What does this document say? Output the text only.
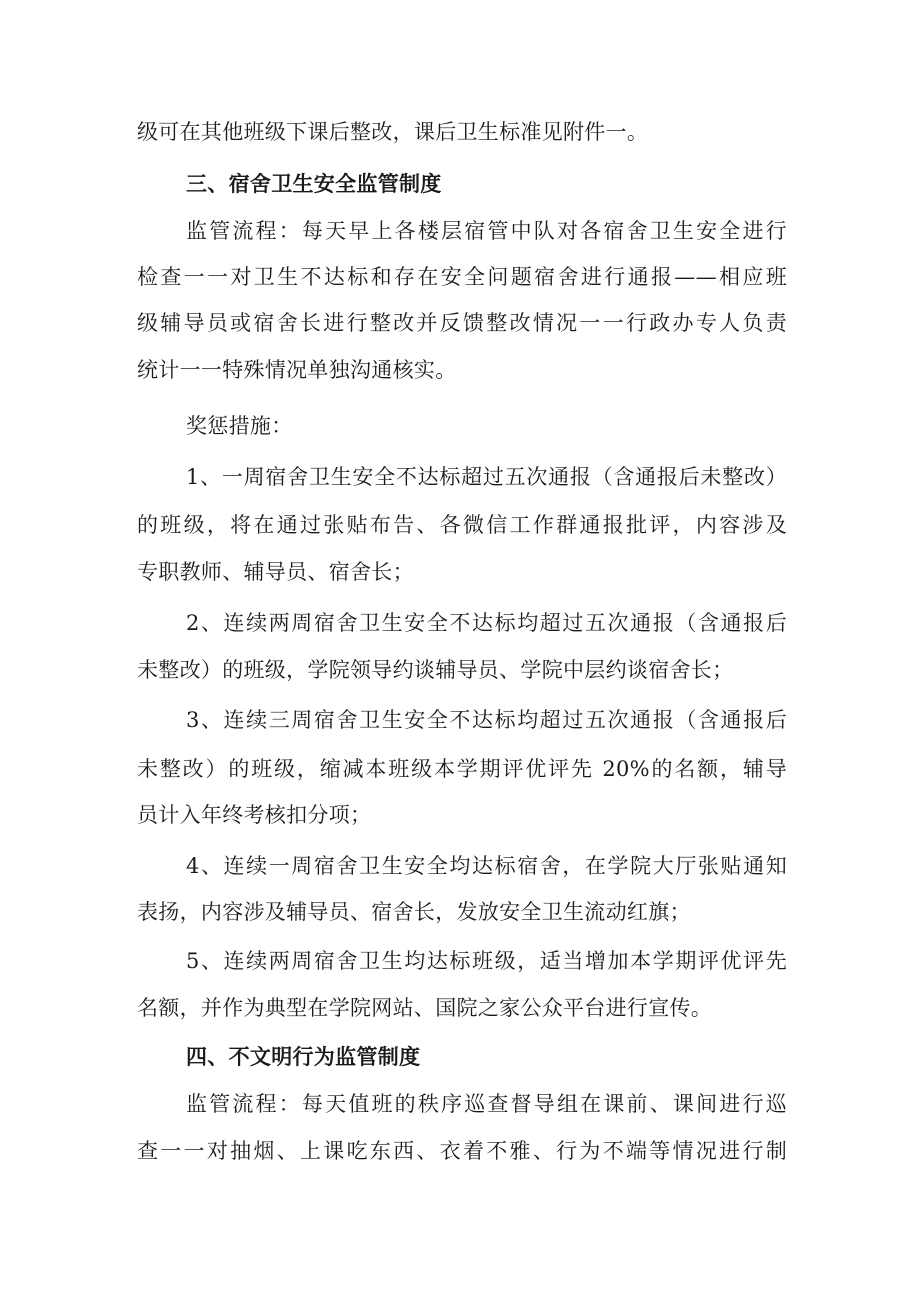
级可在其他班级下课后整改，课后卫生标准见附件一。
三、宿舍卫生安全监管制度
监管流程：每天早上各楼层宿管中队对各宿舍卫生安全进行
检查一一对卫生不达标和存在安全问题宿舍进行通报——相应班
级辅导员或宿舍长进行整改并反馈整改情况一一行政办专人负责
统计一一特殊情况单独沟通核实。
奖惩措施：
1、一周宿舍卫生安全不达标超过五次通报（含通报后未整改）
的班级，将在通过张贴布告、各微信工作群通报批评，内容涉及
专职教师、辅导员、宿舍长；
2、连续两周宿舍卫生安全不达标均超过五次通报（含通报后
未整改）的班级，学院领导约谈辅导员、学院中层约谈宿舍长；
3、连续三周宿舍卫生安全不达标均超过五次通报（含通报后
未整改）的班级，缩减本班级本学期评优评先 20%的名额，辅导
员计入年终考核扣分项；
4、连续一周宿舍卫生安全均达标宿舍，在学院大厅张贴通知
表扬，内容涉及辅导员、宿舍长，发放安全卫生流动红旗；
5、连续两周宿舍卫生均达标班级，适当增加本学期评优评先
名额，并作为典型在学院网站、国院之家公众平台进行宣传。
四、不文明行为监管制度
监管流程：每天值班的秩序巡查督导组在课前、课间进行巡
查一一对抽烟、上课吃东西、衣着不雅、行为不端等情况进行制
